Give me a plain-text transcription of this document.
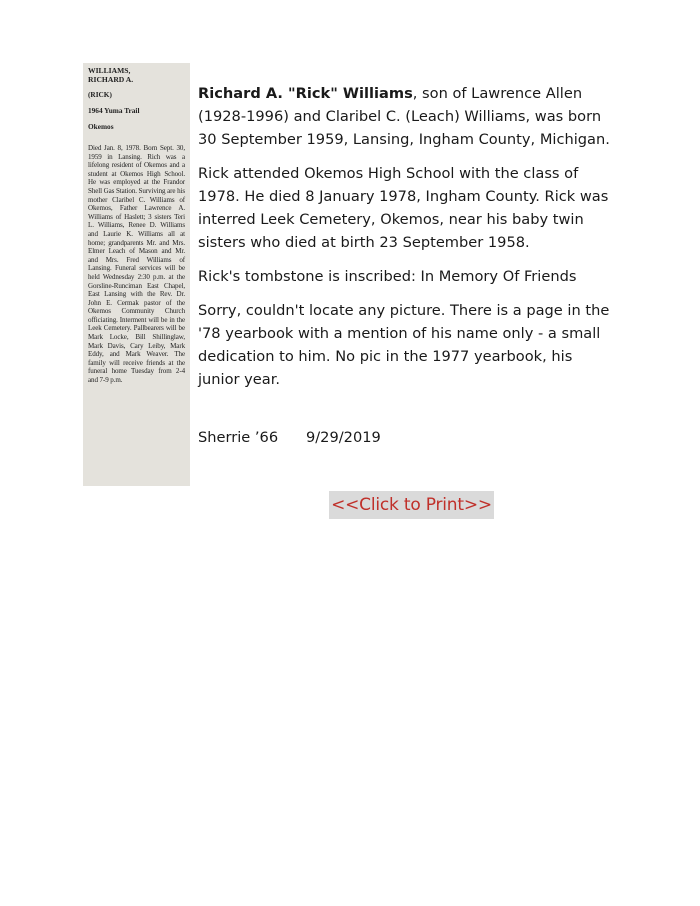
WILLIAMS,
RICHARD A.
(RICK)
1964 Yuma Trail
Okemos
Died Jan. 8, 1978. Born Sept. 30, 1959 in Lansing. Rich was a lifelong resident of Okemos and a student at Okemos High School. He was employed at the Frandor Shell Gas Station. Surviving are his mother Claribel C. Williams of Okemos, Father Lawrence A. Williams of Haslett; 3 sisters Teri L. Williams, Renee D. Williams and Laurie K. Williams all at home; grandparents Mr. and Mrs. Elmer Leach of Mason and Mr. and Mrs. Fred Williams of Lansing. Funeral services will be held Wednesday 2:30 p.m. at the Gorsline-Runciman East Chapel, East Lansing with the Rev. Dr. John E. Cermak pastor of the Okemos Community Church officiating. Interment will be in the Leek Cemetery. Pallbearers will be Mark Locke, Bill Shillinglaw, Mark Davis, Cary Leiby, Mark Eddy, and Mark Weaver. The family will receive friends at the funeral home Tuesday from 2-4 and 7-9 p.m.

Richard A. "Rick" Williams, son of Lawrence Allen (1928-1996) and Claribel C. (Leach) Williams, was born 30 September 1959, Lansing, Ingham County, Michigan.

Rick attended Okemos High School with the class of 1978. He died 8 January 1978, Ingham County. Rick was interred Leek Cemetery, Okemos, near his baby twin sisters who died at birth 23 September 1958.

Rick's tombstone is inscribed: In Memory Of Friends

Sorry, couldn't locate any picture. There is a page in the '78 yearbook with a mention of his name only - a small dedication to him. No pic in the 1977 yearbook, his junior year.

Sherrie ’66 9/29/2019
<<Click to Print>>
